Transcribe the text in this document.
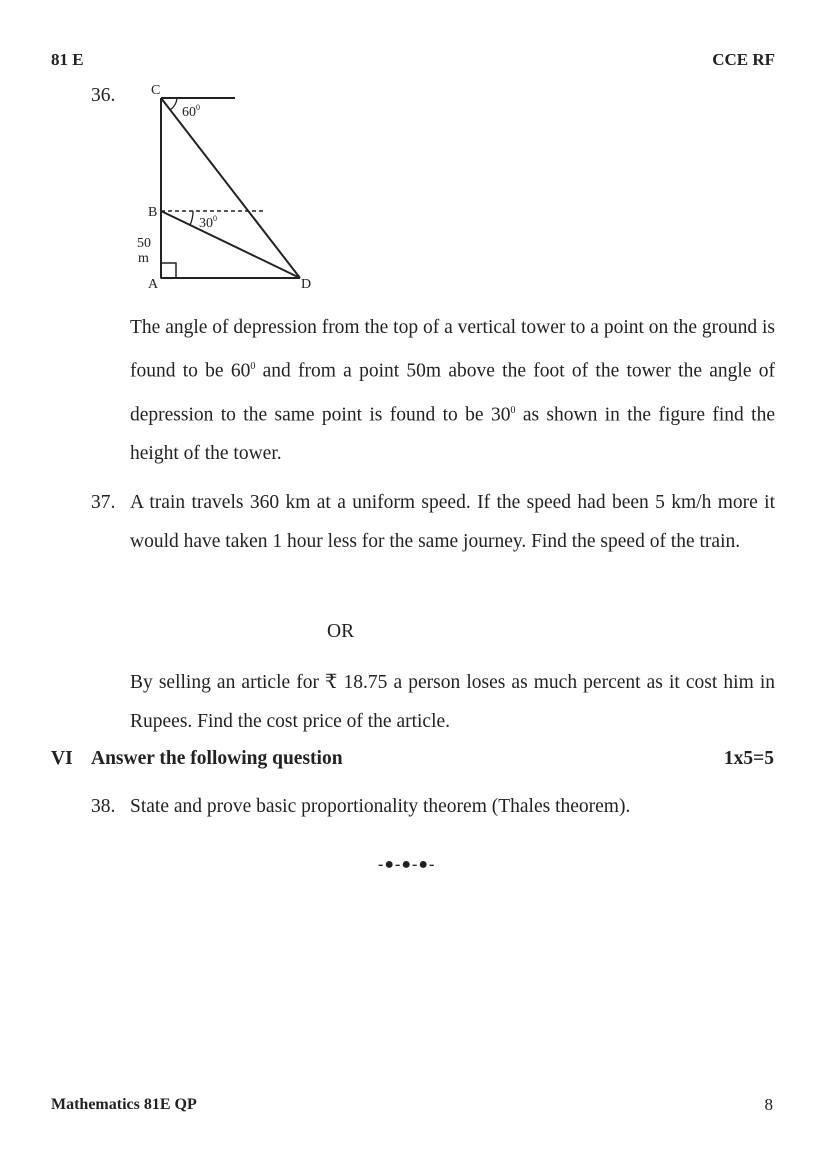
81 E	CCE RF
36.	C
B
A	D
$60^0$
$30^0$
50
m
The angle of depression from the top of a vertical tower to a point on the ground is found to be $60^0$ and from a point 50m above the foot of the tower the angle of depression to the same point is found to be $30^0$ as shown in the figure find the height of the tower.
37. A train travels 360 km at a uniform speed. If the speed had been 5 km/h more it would have taken 1 hour less for the same journey. Find the speed of the train.
OR
By selling an article for ₹ 18.75 a person loses as much percent as it cost him in Rupees. Find the cost price of the article.
VI Answer the following question	1x5=5
38. State and prove basic proportionality theorem (Thales theorem).
-●-●-●-
Mathematics 81E QP	8
